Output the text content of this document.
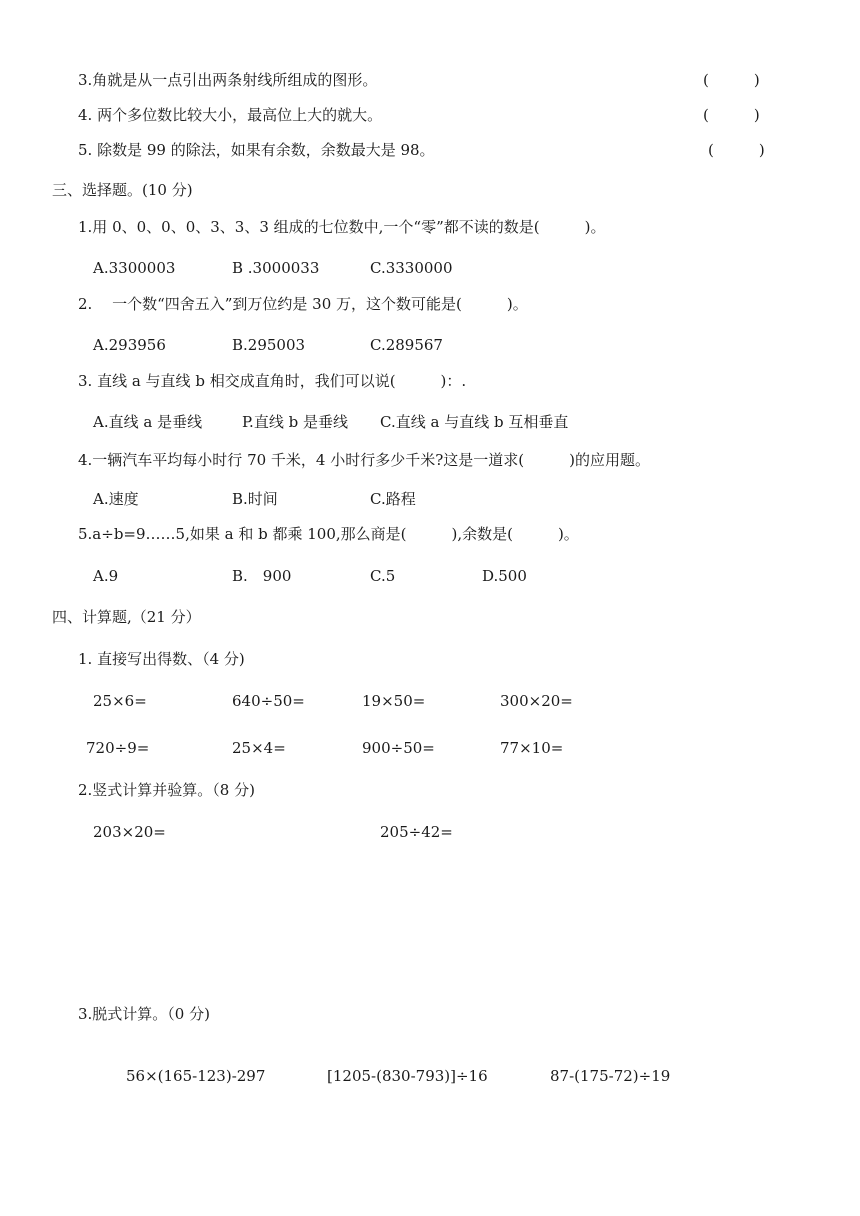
3.角就是从一点引出两条射线所组成的图形。	(　　　)
4. 两个多位数比较大小，最高位上大的就大。	(　　　)
5. 除数是 99 的除法，如果有余数，余数最大是 98。	(　　　)
三、选择题。(10 分)
1.用 0、0、0、0、3、3、3 组成的七位数中,一个“零”都不读的数是(　　　)。
A.3300003	B .3000033	C.3330000
2.　 一个数“四舍五入”到万位约是 30 万，这个数可能是(　　　)。
A.293956	B.295003	C.289567
3. 直线 a 与直线 b 相交成直角时，我们可以说(　　　)：.
A.直线 a 是垂线	P.直线 b 是垂线 C.直线 a 与直线 b 互相垂直
4.一辆汽车平均每小时行 70 千米，4 小时行多少千米?这是一道求(　　　)的应用题。
A.速度	B.时间	C.路程
5.a÷b=9……5,如果 a 和 b 都乘 100,那么商是(　　　),余数是(　　　)。
A.9	B.　900	C.5	D.500
四、计算题,（21 分）
1. 直接写出得数、（4 分)
25×6=	640÷50=	19×50=	300×20=
720÷9=	25×4=	900÷50=	77×10=
2.竖式计算并验算。（8 分)
203×20=	205÷42=
3.脱式计算。（0 分)
56×(165-123)-297	[1205-(830-793)]÷16	87-(175-72)÷19
